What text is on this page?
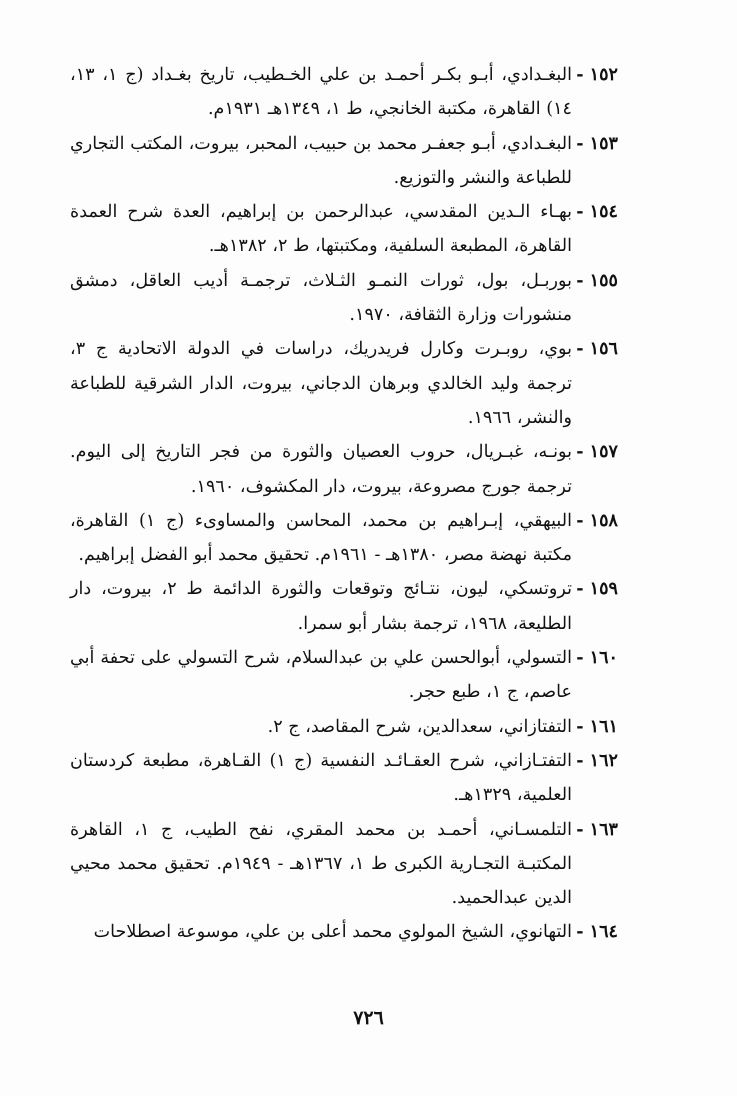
١٥٢ -البغـدادي، أبـو بكـر أحمـد بن علي الخـطيب، تاريخ بغـداد (ج ١، ١٣، ١٤) القاهرة، مكتبة الخانجي، ط ١، ١٣٤٩هـ ١٩٣١م.

١٥٣ -البغـدادي، أبـو جعفـر محمد بن حبيب، المحبر، بيروت، المكتب التجاري للطباعة والنشر والتوزيع.

١٥٤ -بهـاء الـدين المقدسي، عبدالرحمن بن إبراهيم، العدة شرح العمدة القاهرة، المطبعة السلفية، ومكتبتها، ط ٢، ١٣٨٢هـ.

١٥٥ -بوربـل، بول، ثورات النمـو الثـلاث، ترجمـة أديب العاقل، دمشق منشورات وزارة الثقافة، ١٩٧٠.

١٥٦ -بوي، روبـرت وكارل فريدريك، دراسات في الدولة الاتحادية ج ٣، ترجمة وليد الخالدي وبرهان الدجاني، بيروت، الدار الشرقية للطباعة والنشر، ١٩٦٦.

١٥٧ -بونـه، غبـريال، حروب العصيان والثورة من فجر التاريخ إلى اليوم. ترجمة جورج مصروعة، بيروت، دار المكشوف، ١٩٦٠.

١٥٨ -البيهقي، إبـراهيم بن محمد، المحاسن والمساوىء (ج ١) القاهرة، مكتبة نهضة مصر، ١٣٨٠هـ - ١٩٦١م. تحقيق محمد أبو الفضل إبراهيم.

١٥٩ -تروتسكي، ليون، نتـائج وتوقعات والثورة الدائمة ط ٢، بيروت، دار الطليعة، ١٩٦٨، ترجمة بشار أبو سمرا.

١٦٠ -التسولي، أبوالحسن علي بن عبدالسلام، شرح التسولي على تحفة أبي عاصم، ج ١، طبع حجر.

١٦١ -التفتازاني، سعدالدين، شرح المقاصد، ج ٢.

١٦٢ -التفتـازاني، شرح العقـائـد النفسية (ج ١) القـاهرة، مطبعة كردستان العلمية، ١٣٢٩هـ.

١٦٣ -التلمسـاني، أحمـد بن محمد المقري، نفح الطيب، ج ١، القاهرة المكتبـة التجـارية الكبرى ط ١، ١٣٦٧هـ - ١٩٤٩م. تحقيق محمد محيي الدين عبدالحميد.

١٦٤ -التهانوي، الشيخ المولوي محمد أعلى بن علي، موسوعة اصطلاحات

٧٢٦
